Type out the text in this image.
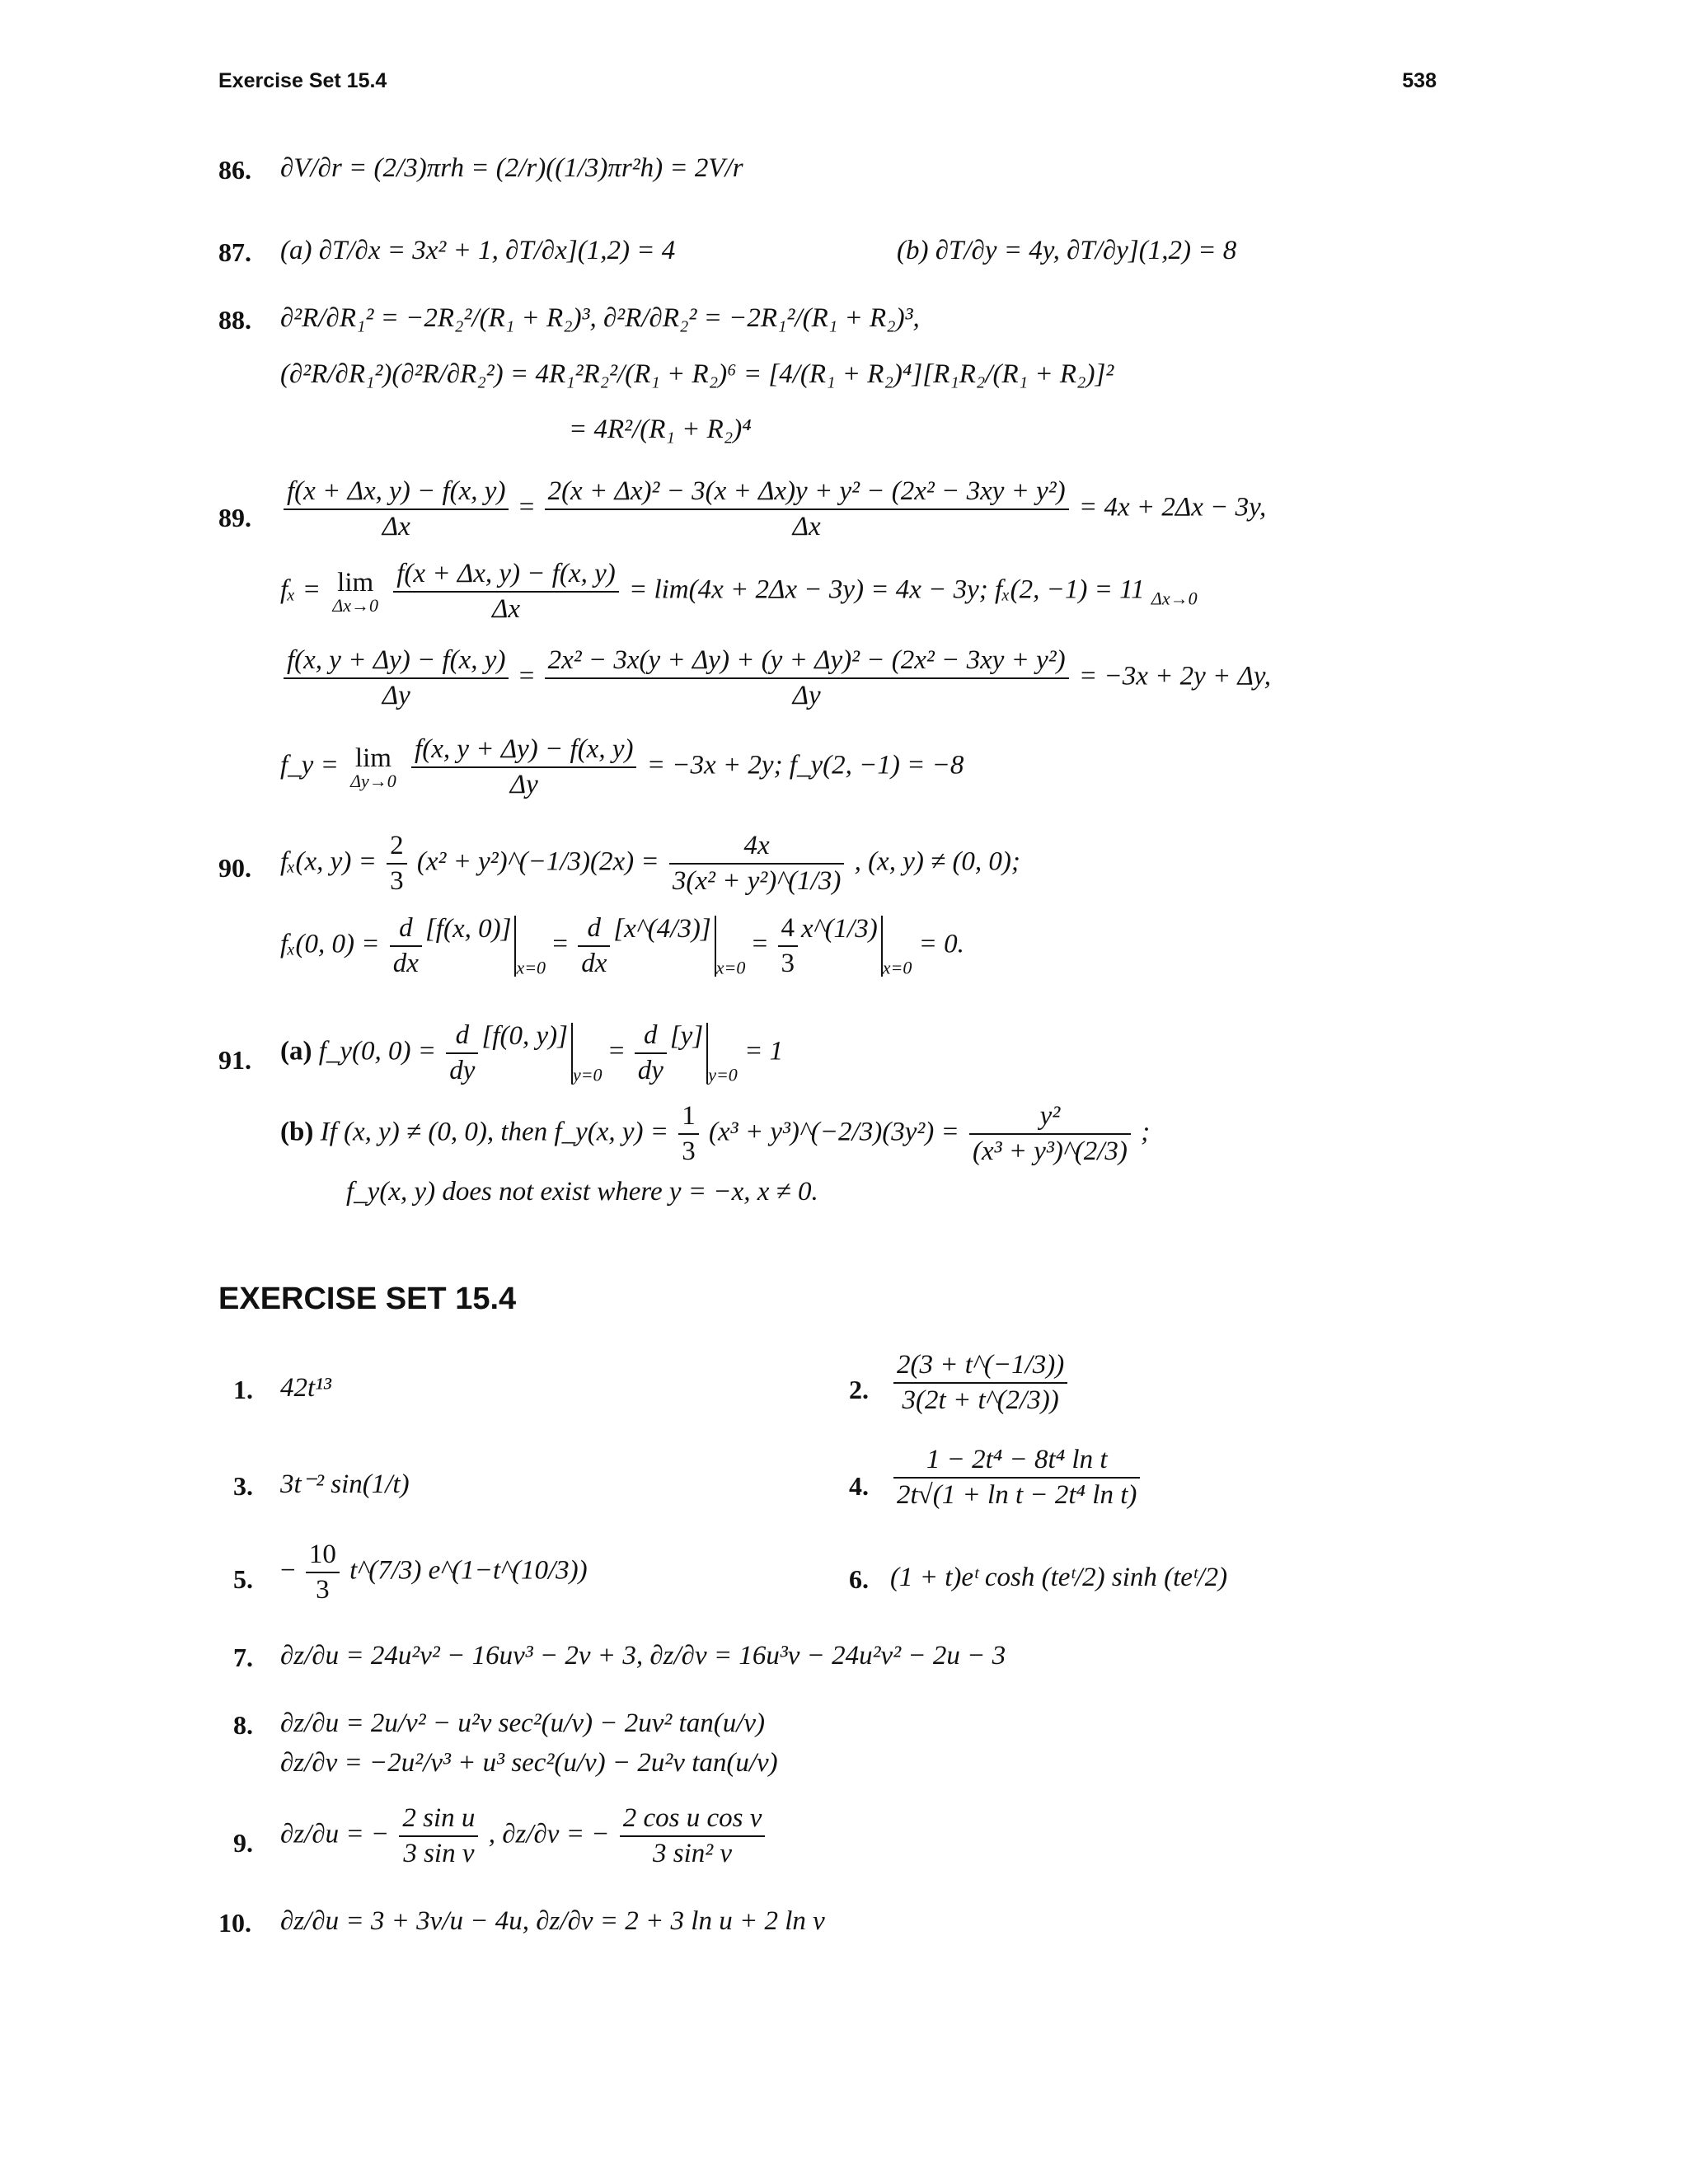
Exercise Set 15.4	538
86. ∂V/∂r = (2/3)πrh = (2/r)((1/3)πr²h) = 2V/r
87. (a) ∂T/∂x = 3x² + 1, ∂T/∂x](1,2) = 4	(b) ∂T/∂y = 4y, ∂T/∂y](1,2) = 8
88. ∂²R/∂R₁² = −2R₂²/(R₁ + R₂)³, ∂²R/∂R₂² = −2R₁²/(R₁ + R₂)³,
(∂²R/∂R₁²)(∂²R/∂R₂²) = 4R₁²R₂²/(R₁ + R₂)⁶ = [4/(R₁ + R₂)⁴][R₁R₂/(R₁ + R₂)]²
= 4R²/(R₁ + R₂)⁴
89. $\frac{f(x + \Delta x, y) - f(x, y)}{\Delta x} = \frac{\text{2(x + Δx)² − 3(x + Δx)y + y² − (2x² − 3xy + y²)}}{\Delta x} = 4x + 2\Delta x - 3y$,
fₓ = lim
Δx→0
$\frac{f(x + \Delta x, y) - f(x, y)}{\Delta x} = \lim(4x + 2\Delta x - 3y) = 4x - 3y$; fₓ(2, −1) = 11 $_{\Delta x\to 0}$
$\frac{f(x, y + \Delta y) - f(x, y)}{\Delta y} = \frac{\text{2x² − 3x(y + Δy) + (y + Δy)² − (2x² − 3xy + y²)}}{\Delta y} = -3x + 2y + \Delta y$,
f_y = lim
Δy→0
$\frac{f(x, y + \Delta y) - f(x, y)}{\Delta y} = -3x + 2y$; f_y(2, −1) = −8
90. fₓ(x, $y) = \frac{2}{3} (x^2$ + y²)^(−1/3)(2x) = $\frac{4x}{\text{3(x² + y²)\textasciicircum{}(1/3)}}$ , (x, y) ≠ (0, 0);
fₓ(0, $0) = \frac{d}{dx} [f(x$, $0)]_{x=0} = \frac{d}{dx}$ $[x\^{}(4/3)]_{x=0} = \frac{4}{3}$ $x\^{}(1/3)_{x=0} = 0$.
91. (a) f_y(0, $0) = \frac{d}{dy} [f(0$, $y)]_{y=0} = \frac{d}{dy} [y]_{y=0} = 1$
(b) If (x, y) ≠ (0, 0), then f_y(x, $y) = \frac{1}{3} (x^3$ + y³)^(−2/3)(3y²) = $\frac{\text{y²}}{\text{(x³ + y³)\textasciicircum{}(2/3)}}$ ;
f_y(x, y) does not exist where y = −x, x ≠ 0.
EXERCISE SET 15.4
1. 42t¹³	2. $\frac{2(3 + t\^{}(-1/3))}{3(2t + t\^{}(2/3))}$
3. 3t⁻² sin(1/t)	4. $\frac{\text{1 − 2t⁴ − 8t⁴ ln t}}{\text{2t√(1 + ln t − 2t⁴ ln t)}}$
5. − $\frac{10}{3}$ t^(7/3) e^(1−t^(10/3))	6. (1 + t)eᵗ cosh (teᵗ/2) sinh (teᵗ/2)
7. ∂z/∂u = 24u²v² − 16uv³ − 2v + 3, ∂z/∂v = 16u³v − 24u²v² − 2u − 3
8. ∂z/∂u = 2u/v² − u²v sec²(u/v) − 2uv² tan(u/v)
∂z/∂v = −2u²/v³ + u³ sec²(u/v) − 2u²v tan(u/v)
9. ∂z/∂u = − $\frac{\text{2 sin u}}{\text{3 sin v}}$ , ∂z/∂v = − $\frac{\text{2 cos u cos v}}{\text{3 sin² v}}$
10. ∂z/∂u = 3 + 3v/u − 4u, ∂z/∂v = 2 + 3 ln u + 2 ln v
